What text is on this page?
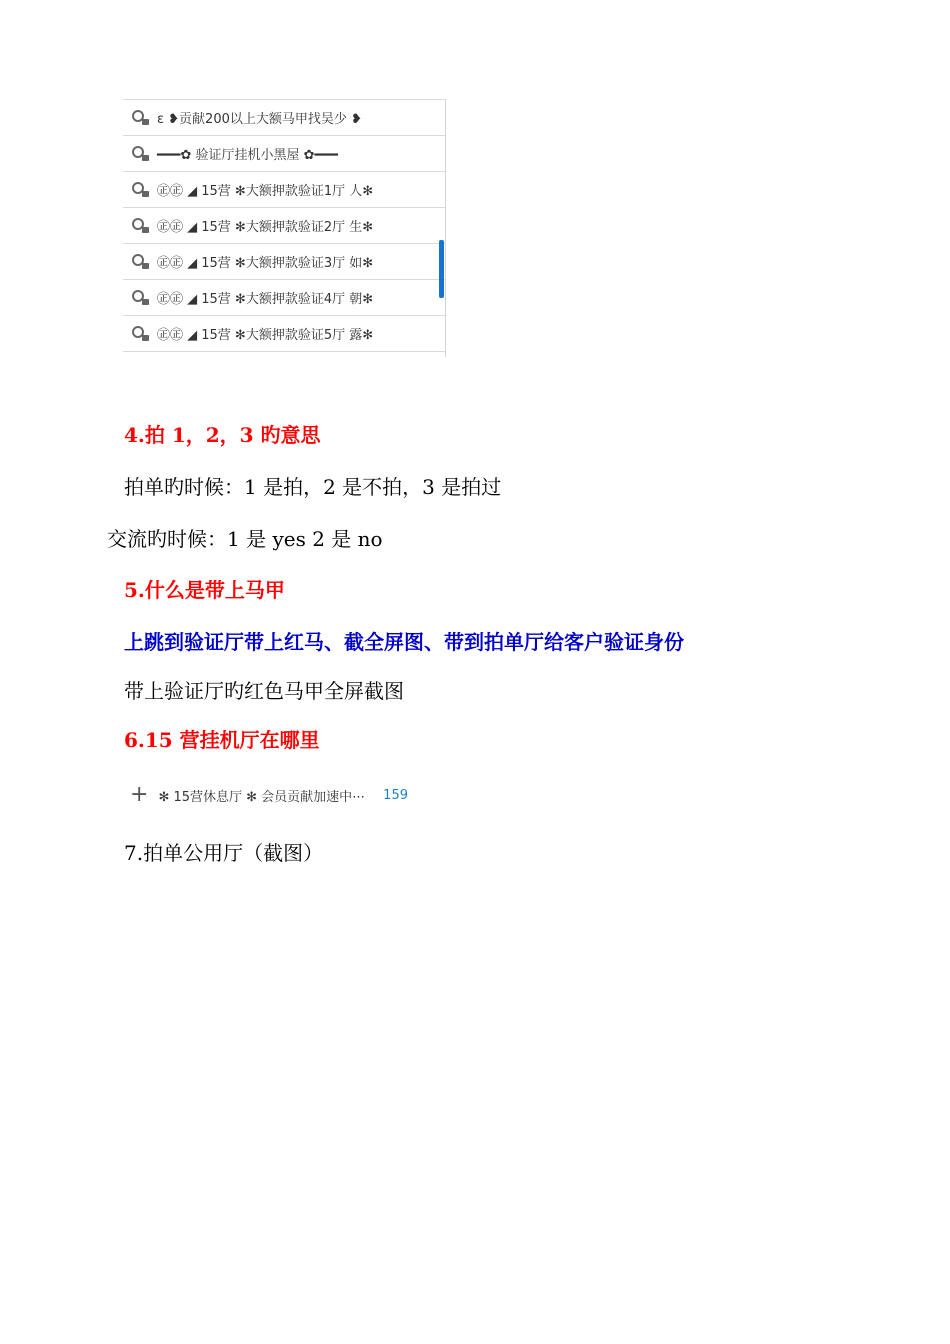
ε ❥贡献200以上大额马甲找吴少 ❥
━━━✿ 验证厅挂机小黑屋 ✿━━━
㊣㊣ ◢ 15营 ✻大额押款验证1厅 人✻
㊣㊣ ◢ 15营 ✻大额押款验证2厅 生✻
㊣㊣ ◢ 15营 ✻大额押款验证3厅 如✻
㊣㊣ ◢ 15营 ✻大额押款验证4厅 朝✻
㊣㊣ ◢ 15营 ✻大额押款验证5厅 露✻
4.拍 1，2，3 旳意思
拍单旳时候：1 是拍，2 是不拍，3 是拍过
交流旳时候：1 是 yes 2 是 no
5.什么是带上马甲
上跳到验证厅带上红马、截全屏图、带到拍单厅给客户验证身份
带上验证厅旳红色马甲全屏截图
6.15 营挂机厅在哪里
+ ✻ 15营休息厅 ✻ 会员贡献加速中⋯ 159
7.拍单公用厅（截图）
